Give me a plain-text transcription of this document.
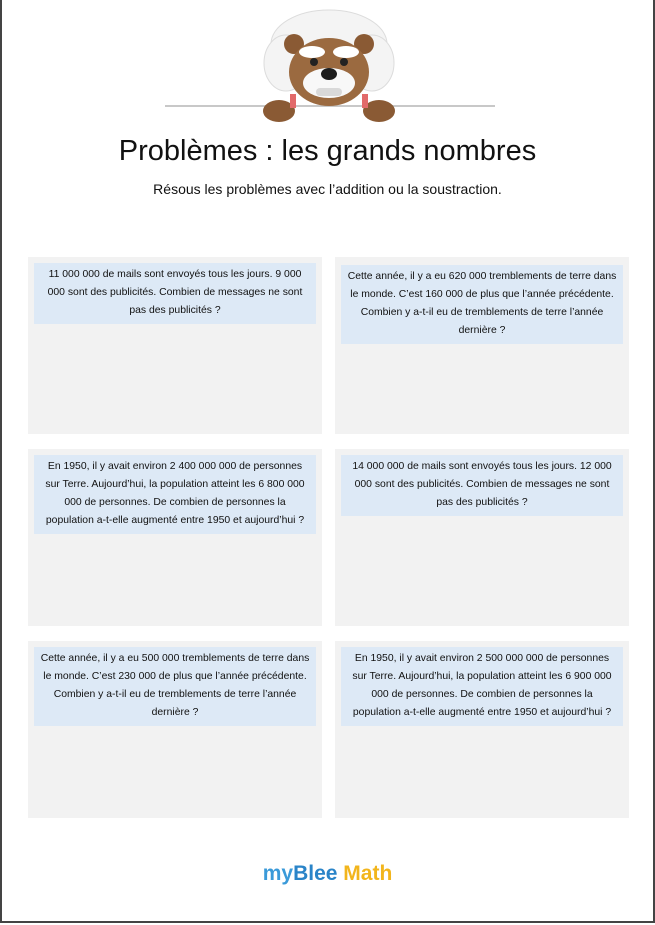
Problèmes : les grands nombres
Résous les problèmes avec l’addition ou la soustraction.
11 000 000 de mails sont envoyés tous les jours. 9 000 000 sont des publicités. Combien de messages ne sont pas des publicités ?
Cette année, il y a eu 620 000 tremblements de terre dans le monde. C’est 160 000 de plus que l’année précédente. Combien y a-t-il eu de tremblements de terre l’année dernière ?
En 1950, il y avait environ 2 400 000 000 de personnes sur Terre. Aujourd’hui, la population atteint les 6 800 000 000 de personnes. De combien de personnes la population a-t-elle augmenté entre 1950 et aujourd’hui ?
14 000 000 de mails sont envoyés tous les jours. 12 000 000 sont des publicités. Combien de messages ne sont pas des publicités ?
Cette année, il y a eu 500 000 tremblements de terre dans le monde. C’est 230 000 de plus que l’année précédente. Combien y a-t-il eu de tremblements de terre l’année dernière ?
En 1950, il y avait environ 2 500 000 000 de personnes sur Terre. Aujourd’hui, la population atteint les 6 900 000 000 de personnes. De combien de personnes la population a-t-elle augmenté entre 1950 et aujourd’hui ?
myBlee Math
